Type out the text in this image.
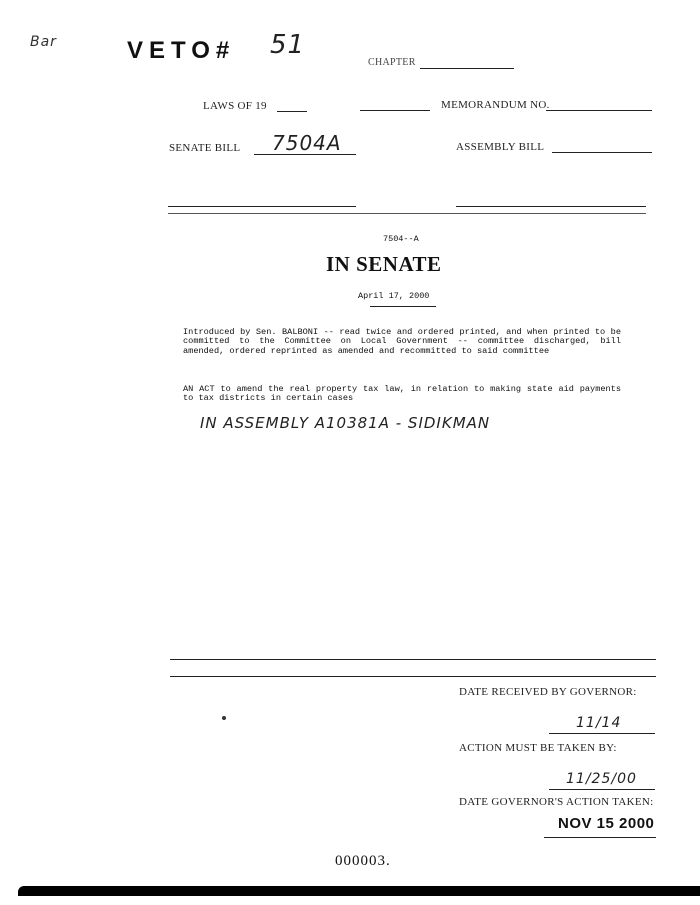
Bar	VETO# 51
CHAPTER
LAWS OF 19	MEMORANDUM NO.
SENATE BILL 7504A	ASSEMBLY BILL
7504--A
IN SENATE
April 17, 2000
Introduced by Sen. BALBONI -- read twice and ordered printed, and when printed to be committed to the Committee on Local Government -- committee discharged, bill amended, ordered reprinted as amended and recommitted to said committee
AN ACT to amend the real property tax law, in relation to making state aid payments to tax districts in certain cases
IN ASSEMBLY A10381A - SIDIKMAN
DATE RECEIVED BY GOVERNOR:
11/14
ACTION MUST BE TAKEN BY:
11/25/00
DATE GOVERNOR'S ACTION TAKEN:
NOV 15 2000
000003.
